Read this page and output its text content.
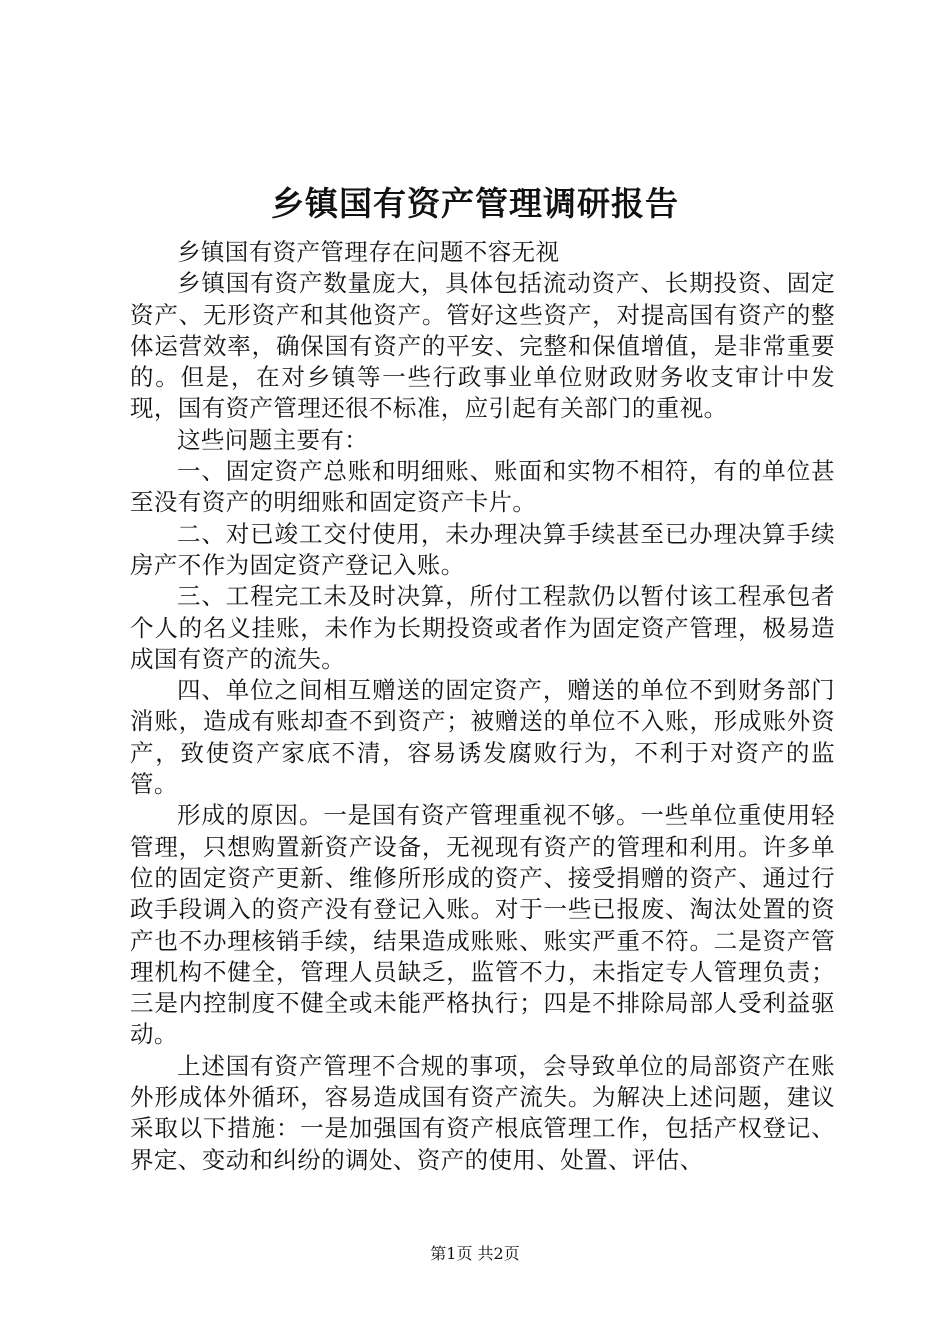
乡镇国有资产管理调研报告

乡镇国有资产管理存在问题不容无视

乡镇国有资产数量庞大，具体包括流动资产、长期投资、固定资产、无形资产和其他资产。管好这些资产，对提高国有资产的整体运营效率，确保国有资产的平安、完整和保值增值，是非常重要的。但是，在对乡镇等一些行政事业单位财政财务收支审计中发现，国有资产管理还很不标准，应引起有关部门的重视。

这些问题主要有：

一、固定资产总账和明细账、账面和实物不相符，有的单位甚至没有资产的明细账和固定资产卡片。

二、对已竣工交付使用，未办理决算手续甚至已办理决算手续房产不作为固定资产登记入账。

三、工程完工未及时决算，所付工程款仍以暂付该工程承包者个人的名义挂账，未作为长期投资或者作为固定资产管理，极易造成国有资产的流失。

四、单位之间相互赠送的固定资产，赠送的单位不到财务部门消账，造成有账却查不到资产；被赠送的单位不入账，形成账外资产，致使资产家底不清，容易诱发腐败行为，不利于对资产的监管。

形成的原因。一是国有资产管理重视不够。一些单位重使用轻管理，只想购置新资产设备，无视现有资产的管理和利用。许多单位的固定资产更新、维修所形成的资产、接受捐赠的资产、通过行政手段调入的资产没有登记入账。对于一些已报废、淘汰处置的资产也不办理核销手续，结果造成账账、账实严重不符。二是资产管理机构不健全，管理人员缺乏，监管不力，未指定专人管理负责；三是内控制度不健全或未能严格执行；四是不排除局部人受利益驱动。

上述国有资产管理不合规的事项，会导致单位的局部资产在账外形成体外循环，容易造成国有资产流失。为解决上述问题，建议采取以下措施：一是加强国有资产根底管理工作，包括产权登记、界定、变动和纠纷的调处、资产的使用、处置、评估、

第1页 共2页
